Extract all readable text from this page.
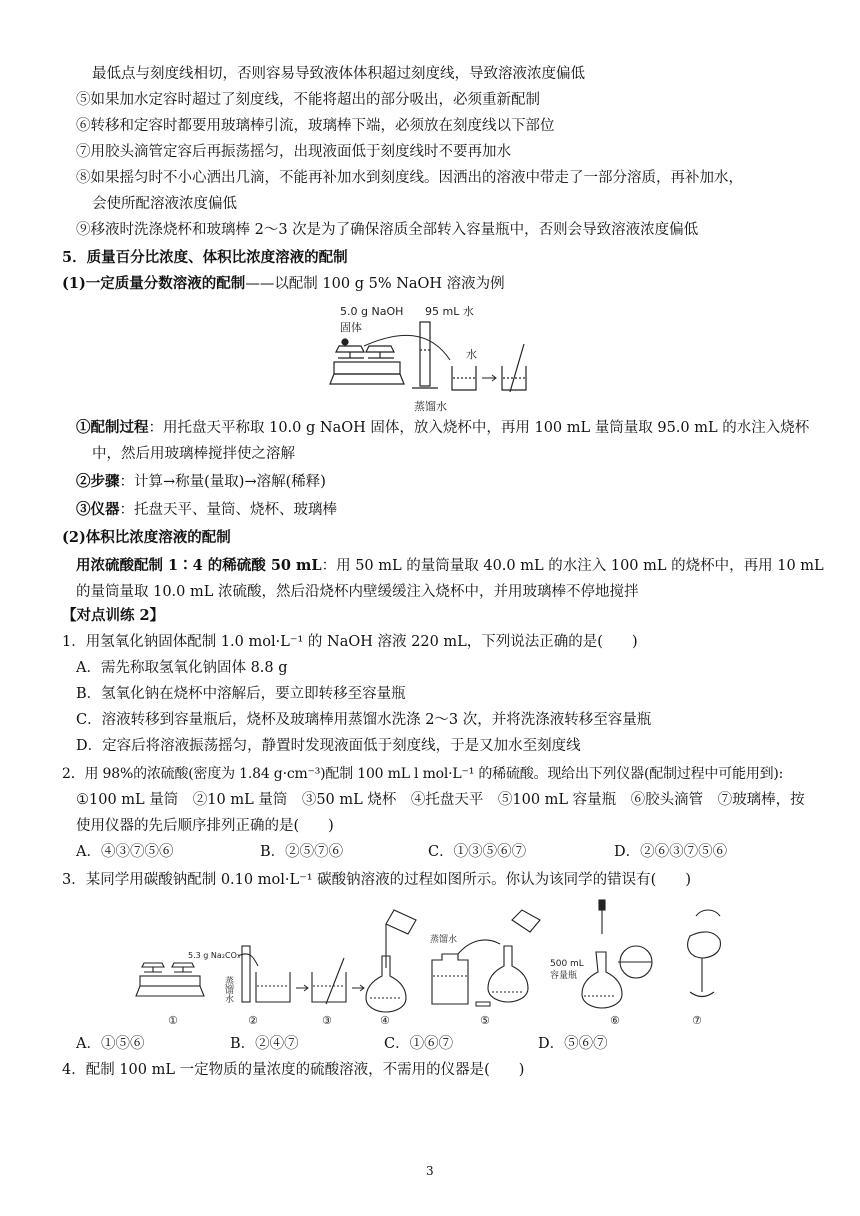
最低点与刻度线相切，否则容易导致液体体积超过刻度线，导致溶液浓度偏低
⑤如果加水定容时超过了刻度线，不能将超出的部分吸出，必须重新配制
⑥转移和定容时都要用玻璃棒引流，玻璃棒下端，必须放在刻度线以下部位
⑦用胶头滴管定容后再振荡摇匀，出现液面低于刻度线时不要再加水
⑧如果摇匀时不小心洒出几滴，不能再补加水到刻度线。因洒出的溶液中带走了一部分溶质，再补加水，
会使所配溶液浓度偏低
⑨移液时洗涤烧杯和玻璃棒 2～3 次是为了确保溶质全部转入容量瓶中，否则会导致溶液浓度偏低
5．质量百分比浓度、体积比浓度溶液的配制
(1)一定质量分数溶液的配制——以配制 100 g 5% NaOH 溶液为例
5.0 g NaOH
固体
95 mL 水
水
蒸馏水
①配制过程：用托盘天平称取 10.0 g NaOH 固体，放入烧杯中，再用 100 mL 量筒量取 95.0 mL 的水注入烧杯
中，然后用玻璃棒搅拌使之溶解
②步骤：计算→称量(量取)→溶解(稀释)
③仪器：托盘天平、量筒、烧杯、玻璃棒
(2)体积比浓度溶液的配制
用浓硫酸配制 1∶4 的稀硫酸 50 mL：用 50 mL 的量筒量取 40.0 mL 的水注入 100 mL 的烧杯中，再用 10 mL
的量筒量取 10.0 mL 浓硫酸，然后沿烧杯内壁缓缓注入烧杯中，并用玻璃棒不停地搅拌
【对点训练 2】
1．用氢氧化钠固体配制 1.0 mol·L⁻¹ 的 NaOH 溶液 220 mL，下列说法正确的是(　　)
A．需先称取氢氧化钠固体 8.8 g
B．氢氧化钠在烧杯中溶解后，要立即转移至容量瓶
C．溶液转移到容量瓶后，烧杯及玻璃棒用蒸馏水洗涤 2～3 次，并将洗涤液转移至容量瓶
D．定容后将溶液振荡摇匀，静置时发现液面低于刻度线，于是又加水至刻度线
2．用 98%的浓硫酸(密度为 1.84 g·cm⁻³)配制 100 mL l mol·L⁻¹ 的稀硫酸。现给出下列仪器(配制过程中可能用到):
①100 mL 量筒　②10 mL 量筒　③50 mL 烧杯　④托盘天平　⑤100 mL 容量瓶　⑥胶头滴管　⑦玻璃棒，按
使用仪器的先后顺序排列正确的是(　　)
A．④③⑦⑤⑥	B．②⑤⑦⑥	C．①③⑤⑥⑦	D．②⑥③⑦⑤⑥
3．某同学用碳酸钠配制 0.10 mol·L⁻¹ 碳酸钠溶液的过程如图所示。你认为该同学的错误有(　　)
5.3 g Na₂CO₃
①
蒸馏水
②	③	④
蒸馏水
⑤
500 mL
容量瓶
⑥	⑦
A．①⑤⑥	B．②④⑦	C．①⑥⑦	D．⑤⑥⑦
4．配制 100 mL 一定物质的量浓度的硫酸溶液，不需用的仪器是(　　)
3
